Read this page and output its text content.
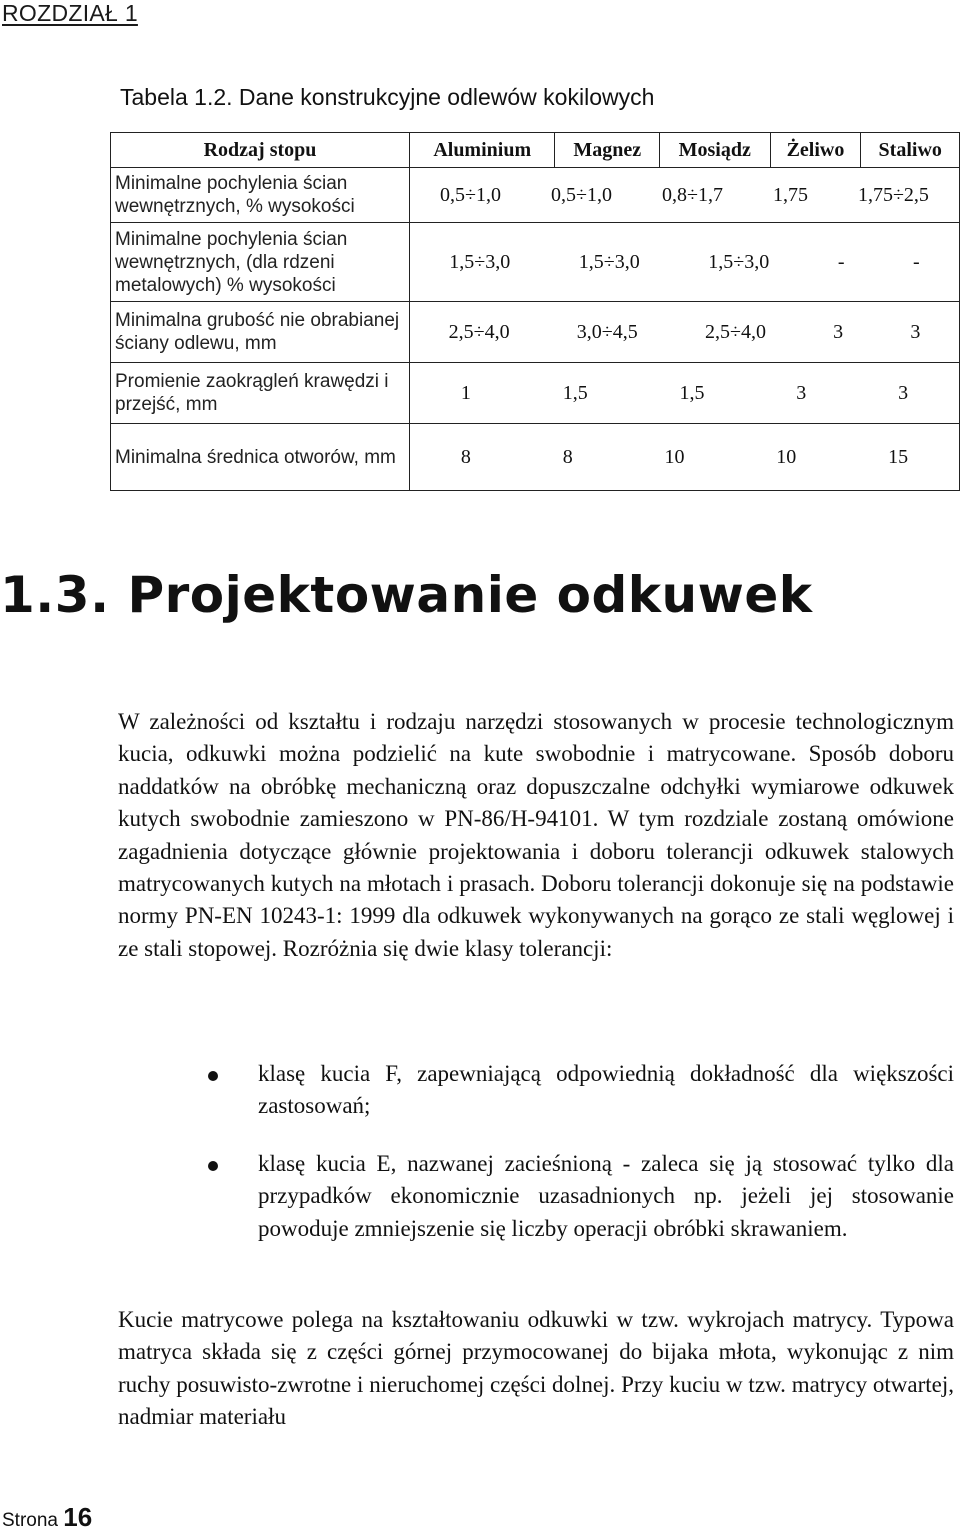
ROZDZIAŁ 1
Tabela 1.2. Dane konstrukcyjne odlewów kokilowych
Rodzaj stopu	Aluminium	Magnez	Mosiądz	Żeliwo	Staliwo
Minimalne pochylenia ścian wewnętrznych, % wysokości	0,5÷1,0 0,5÷1,0 0,8÷1,7 1,75 1,75÷2,5				

Minimalne pochylenia ścian wewnętrznych, (dla rdzeni metalowych) % wysokości	1,5÷3,0 1,5÷3,0 1,5÷3,0 - -				

Minimalna grubość nie obrabianej ściany odlewu, mm	2,5÷4,0 3,0÷4,5 2,5÷4,0 3 3				

Promienie zaokrągleń krawędzi i przejść, mm	1 1,5 1,5 3 3				

Minimalna średnica otworów, mm	8 8 10 10 15				
1.3. Projektowanie odkuwek

W zależności od kształtu i rodzaju narzędzi stosowanych w procesie technologicznym kucia, odkuwki można podzielić na kute swobodnie i matrycowane. Sposób doboru naddatków na obróbkę mechaniczną oraz dopuszczalne odchyłki wymiarowe odkuwek kutych swobodnie zamieszono w PN-86/H-94101. W tym rozdziale zostaną omówione zagadnienia dotyczące głównie projektowania i doboru tolerancji odkuwek stalowych matrycowanych kutych na młotach i prasach. Doboru tolerancji dokonuje się na podstawie normy PN-EN 10243-1: 1999 dla odkuwek wykonywanych na gorąco ze stali węglowej i ze stali stopowej. Rozróżnia się dwie klasy tolerancji:

klasę kucia F, zapewniającą odpowiednią dokładność dla większości zastosowań;
klasę kucia E, nazwanej zacieśnioną - zaleca się ją stosować tylko dla przypadków ekonomicznie uzasadnionych np. jeżeli jej stosowanie powoduje zmniejszenie się liczby operacji obróbki skrawaniem.

Kucie matrycowe polega na kształtowaniu odkuwki w tzw. wykrojach matrycy. Typowa matryca składa się z części górnej przymocowanej do bijaka młota, wykonując z nim ruchy posuwisto-zwrotne i nieruchomej części dolnej. Przy kuciu w tzw. matrycy otwartej, nadmiar materiału

Strona 16
